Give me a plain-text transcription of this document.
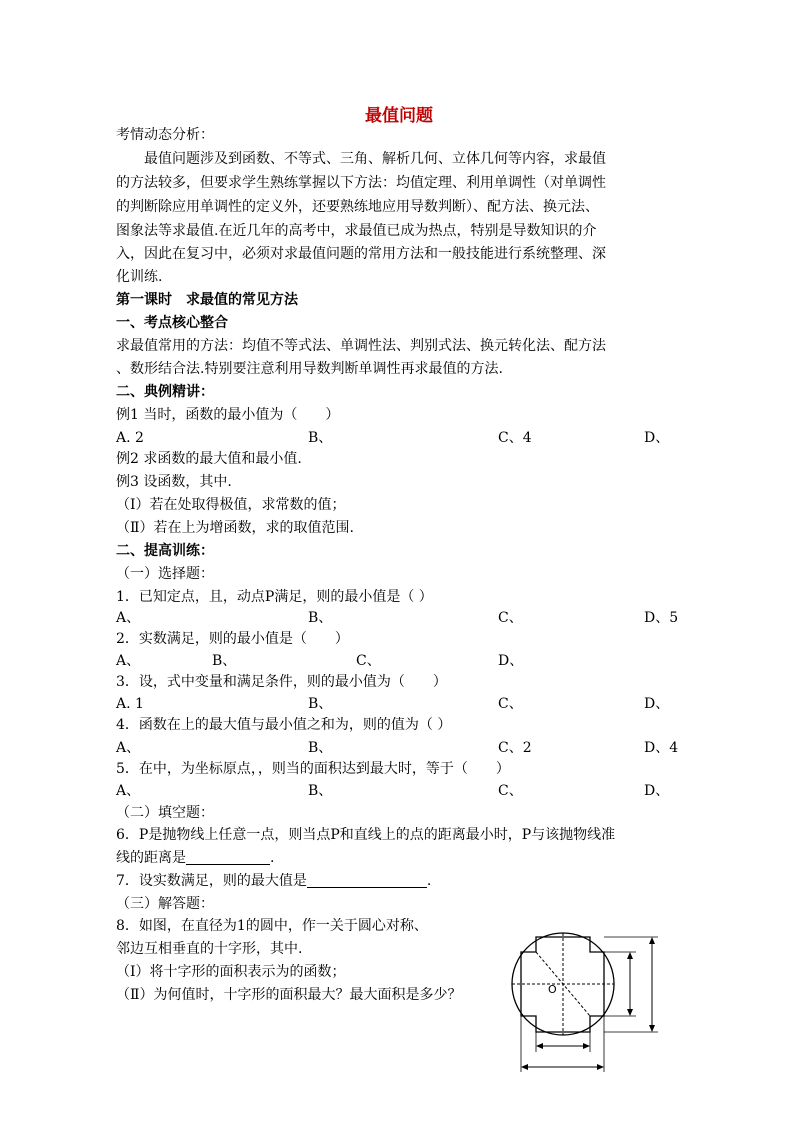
最值问题
考情动态分析：
最值问题涉及到函数、不等式、三角、解析几何、立体几何等内容，求最值
的方法较多，但要求学生熟练掌握以下方法：均值定理、利用单调性（对单调性
的判断除应用单调性的定义外，还要熟练地应用导数判断）、配方法、换元法、
图象法等求最值.在近几年的高考中，求最值已成为热点，特别是导数知识的介
入，因此在复习中，必须对求最值问题的常用方法和一般技能进行系统整理、深
化训练.
第一课时　求最值的常见方法
一、考点核心整合
求最值常用的方法：均值不等式法、单调性法、判别式法、换元转化法、配方法
、数形结合法.特别要注意利用导数判断单调性再求最值的方法.
二、典例精讲：
例1 当时，函数的最小值为（　　）
A. 2	B、	C、4	D、
例2 求函数的最大值和最小值.
例3 设函数，其中.
（Ⅰ）若在处取得极值，求常数的值；
（Ⅱ）若在上为增函数，求的取值范围.
二、提高训练：
（一）选择题：
1．已知定点，且，动点P满足，则的最小值是（ ）
A、	B、	C、	D、5
2．实数满足，则的最小值是（　　）
A、	B、	C、	D、
3．设，式中变量和满足条件，则的最小值为（　　）
A. 1	B、	C、	D、
4．函数在上的最大值与最小值之和为，则的值为（ ）
A、	B、	C、2	D、4
5．在中，为坐标原点，，则当的面积达到最大时，等于（　　）
A、	B、	C、	D、
（二）填空题：
6．P是抛物线上任意一点，则当点P和直线上的点的距离最小时，P与该抛物线准
线的距离是	.
7．设实数满足，则的最大值是	.
（三）解答题：
8．如图，在直径为1的圆中，作一关于圆心对称、
邻边互相垂直的十字形，其中.
（Ⅰ）将十字形的面积表示为的函数；
（Ⅱ）为何值时，十字形的面积最大？最大面积是多少？	O
